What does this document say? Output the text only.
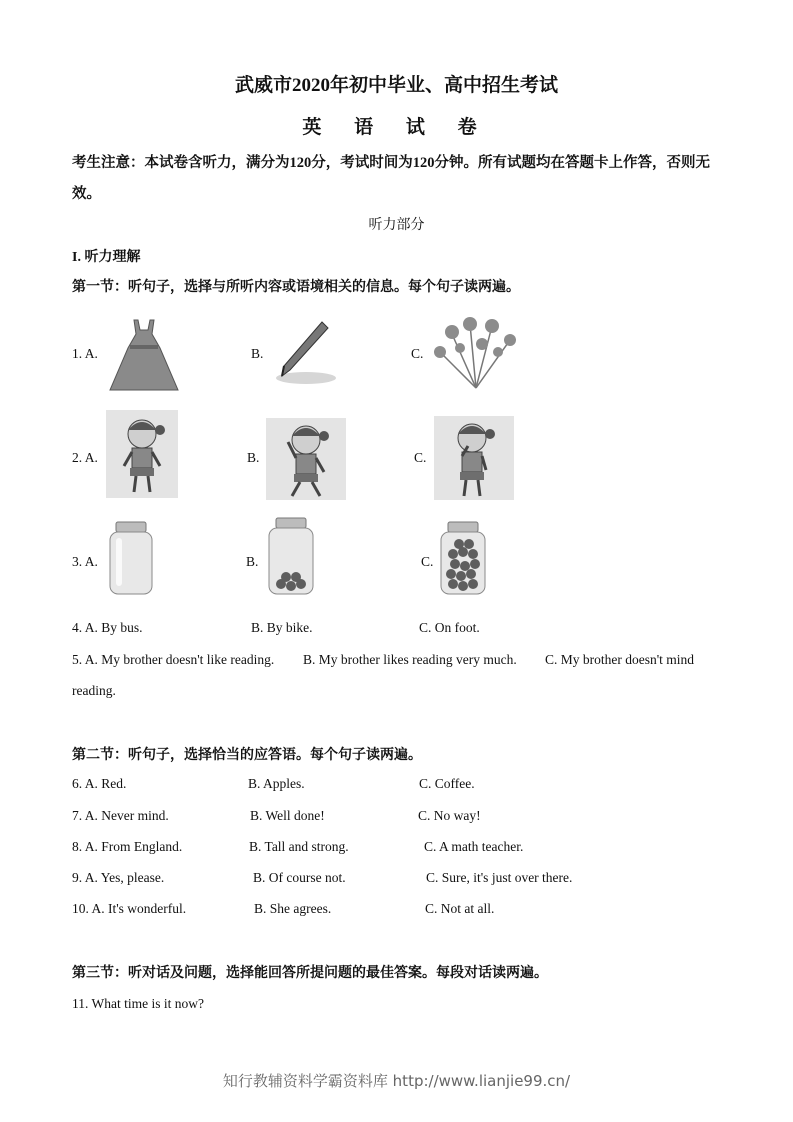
武威市2020年初中毕业、高中招生考试
英 语 试 卷
考生注意：本试卷含听力，满分为120分，考试时间为120分钟。所有试题均在答题卡上作答，否则无效。
听力部分
I. 听力理解
第一节：听句子，选择与所听内容或语境相关的信息。每个句子读两遍。
1. A.	B.	C.
2. A.	B.	C.
3. A.	B.	C.
4. A. By bus.	B. By bike.	C. On foot.
5. A. My brother doesn't like reading. B. My brother likes reading very much. C. My brother doesn't mind
reading.
第二节：听句子，选择恰当的应答语。每个句子读两遍。
6. A. Red.	B. Apples.	C. Coffee.
7. A. Never mind.	B. Well done!	C. No way!
8. A. From England.	B. Tall and strong.	C. A math teacher.
9. A. Yes, please.	B. Of course not.	C. Sure, it's just over there.
10. A. It's wonderful.	B. She agrees.	C. Not at all.
第三节：听对话及问题，选择能回答所提问题的最佳答案。每段对话读两遍。
11. What time is it now?
知行教辅资料学霸资料库 http://www.lianjie99.cn/
